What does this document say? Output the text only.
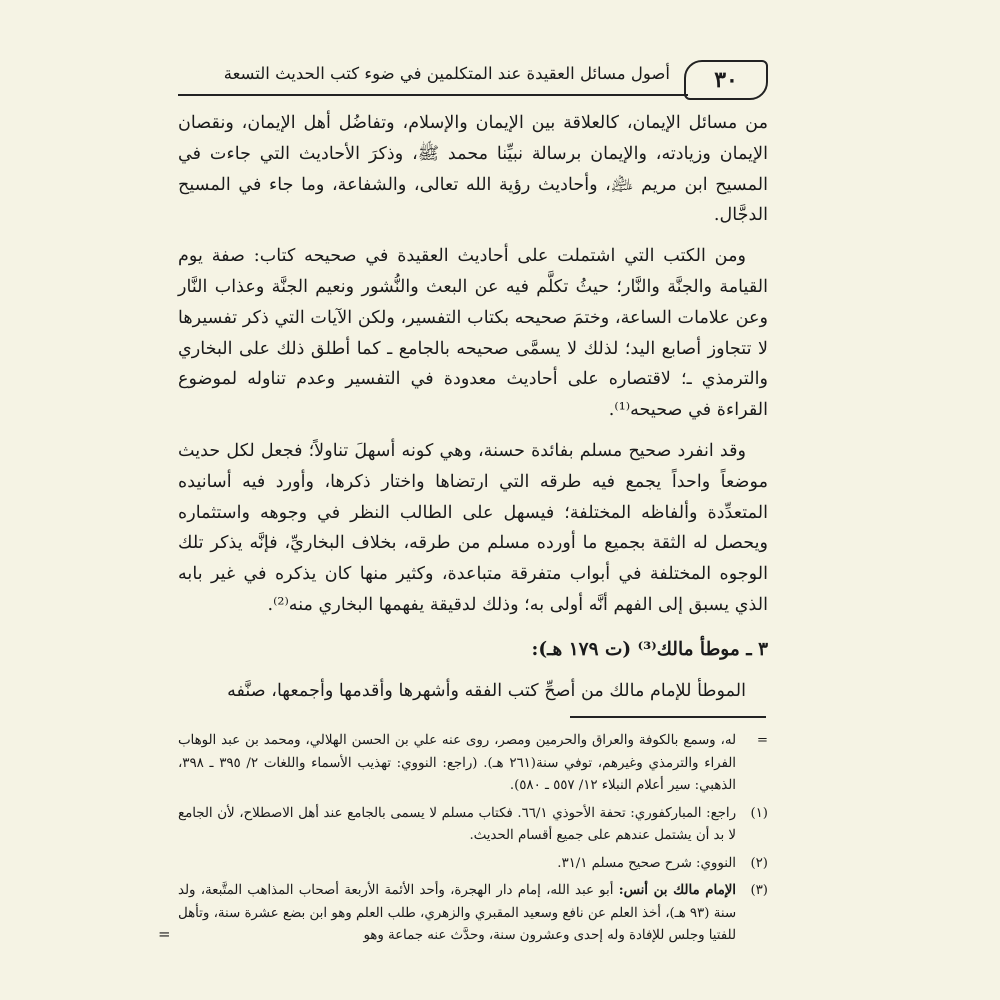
٣٠
أصول مسائل العقيدة عند المتكلمين في ضوء كتب الحديث التسعة

من مسائل الإيمان، كالعلاقة بين الإيمان والإسلام، وتفاضُل أهل الإيمان، ونقصان الإيمان وزيادته، والإيمان برسالة نبيِّنا محمد ﷺ، وذكرَ الأحاديث التي جاءت في المسيح ابن مريم ﵇، وأحاديث رؤية الله تعالى، والشفاعة، وما جاء في المسيح الدجَّال.

ومن الكتب التي اشتملت على أحاديث العقيدة في صحيحه كتاب: صفة يوم القيامة والجنَّة والنَّار؛ حيثُ تكلَّم فيه عن البعث والنُّشور ونعيم الجنَّة وعذاب النَّار وعن علامات الساعة، وختمَ صحيحه بكتاب التفسير، ولكن الآيات التي ذكر تفسيرها لا تتجاوز أصابع اليد؛ لذلك لا يسمَّى صحيحه بالجامع ـ كما أطلق ذلك على البخاري والترمذي ـ؛ لاقتصاره على أحاديث معدودة في التفسير وعدم تناوله لموضوع القراءة في صحيحه⁽¹⁾.

وقد انفرد صحيح مسلم بفائدة حسنة، وهي كونه أسهلَ تناولاً؛ فجعل لكل حديث موضعاً واحداً يجمع فيه طرقه التي ارتضاها واختار ذكرها، وأورد فيه أسانيده المتعدِّدة وألفاظه المختلفة؛ فيسهل على الطالب النظر في وجوهه واستثماره ويحصل له الثقة بجميع ما أورده مسلم من طرقه، بخلاف البخاريِّ، فإنَّه يذكر تلك الوجوه المختلفة في أبواب متفرقة متباعدة، وكثير منها كان يذكره في غير بابه الذي يسبق إلى الفهم أنَّه أولى به؛ وذلك لدقيقة يفهمها البخاري منه⁽²⁾.

٣ ـ موطأ مالك⁽³⁾ (ت ١٧٩ هـ):

الموطأ للإمام مالك من أصحِّ كتب الفقه وأشهرها وأقدمها وأجمعها، صنَّفه

=
له، وسمع بالكوفة والعراق والحرمين ومصر، روى عنه علي بن الحسن الهلالي، ومحمد بن عبد الوهاب الفراء والترمذي وغيرهم، توفي سنة(٢٦١ هـ). (راجع: النووي: تهذيب الأسماء واللغات ٢/ ٣٩٥ ـ ٣٩٨، الذهبي: سير أعلام النبلاء ١٢/ ٥٥٧ ـ ٥٨٠).
(١)
راجع: المباركفوري: تحفة الأحوذي ٦٦/١. فكتاب مسلم لا يسمى بالجامع عند أهل الاصطلاح، لأن الجامع لا بد أن يشتمل عندهم على جميع أقسام الحديث.
(٢)
النووي: شرح صحيح مسلم ٣١/١.
(٣)
الإمام مالك بن أنس: أبو عبد الله، إمام دار الهجرة، وأحد الأئمة الأربعة أصحاب المذاهب المتَّبعة، ولد سنة (٩٣ هـ)، أخذ العلم عن نافع وسعيد المقبري والزهري، طلب العلم وهو ابن بضع عشرة سنة، وتأهل للفتيا وجلس للإفادة وله إحدى وعشرون سنة، وحدَّث عنه جماعة وهو
=
